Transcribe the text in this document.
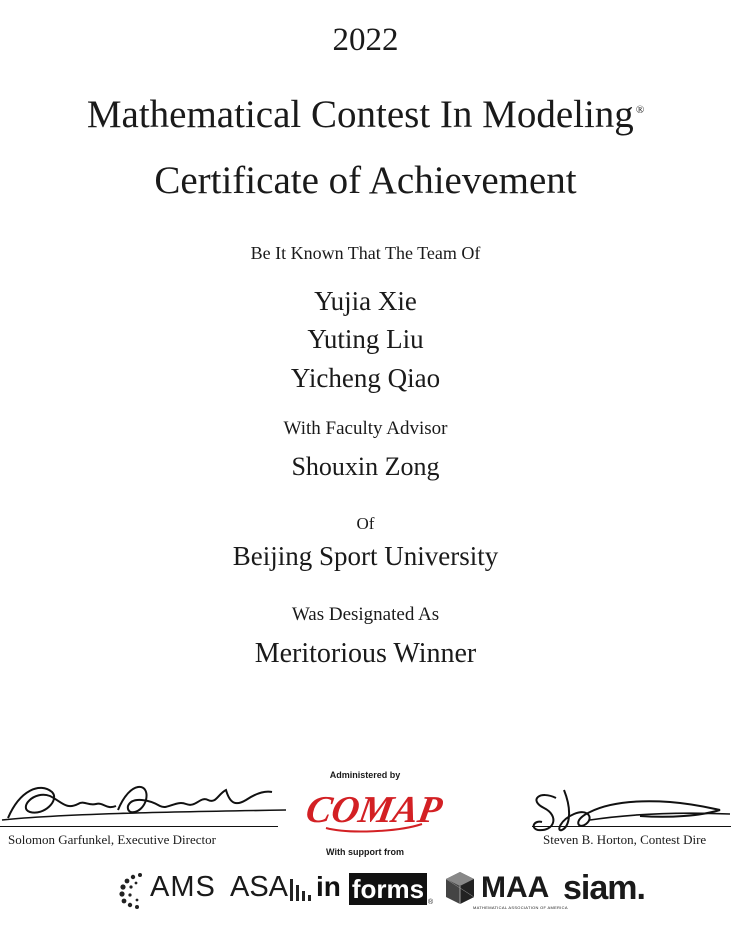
2022
Mathematical Contest In Modeling ®
Certificate of Achievement
Be It Known That The Team Of
Yujia Xie
Yuting Liu
Yicheng Qiao
With Faculty Advisor
Shouxin Zong
Of
Beijing Sport University
Was Designated As
Meritorious Winner
Solomon Garfunkel, Executive Director	Steven B. Horton, Contest Dire
Administered by
COMAP
With support from
AMS ASA in forms ® MAA
MATHEMATICAL ASSOCIATION OF AMERICA
siam.
